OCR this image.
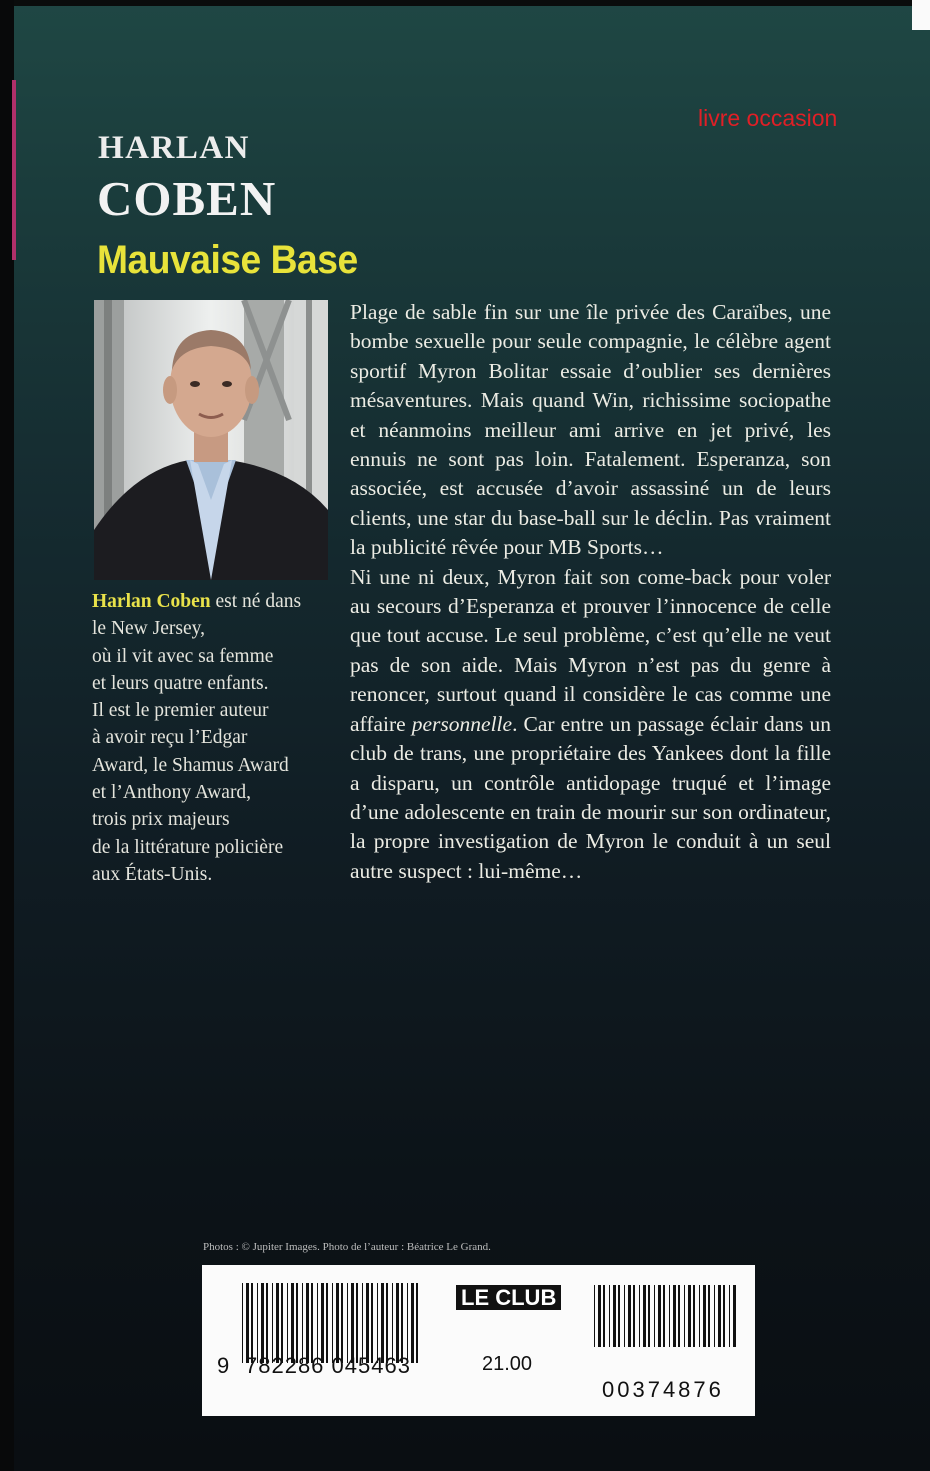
livre occasion
HARLAN
COBEN
Mauvaise Base
Harlan Coben est né dans
le New Jersey,
où il vit avec sa femme
et leurs quatre enfants.
Il est le premier auteur
à avoir reçu l’Edgar
Award, le Shamus Award
et l’Anthony Award,
trois prix majeurs
de la littérature policière
aux États-Unis.

Plage de sable fin sur une île privée des Caraïbes, une bombe sexuelle pour seule compagnie, le célèbre agent sportif Myron Bolitar essaie d’oublier ses dernières mésaventures. Mais quand Win, richissime sociopathe et néanmoins meilleur ami arrive en jet privé, les ennuis ne sont pas loin. Fatalement. Esperanza, son associée, est accusée d’avoir assassiné un de leurs clients, une star du base-ball sur le déclin. Pas vraiment la publicité rêvée pour MB Sports…

Ni une ni deux, Myron fait son come-back pour voler au secours d’Esperanza et prouver l’innocence de celle que tout accuse. Le seul problème, c’est qu’elle ne veut pas de son aide. Mais Myron n’est pas du genre à renoncer, surtout quand il considère le cas comme une affaire personnelle. Car entre un passage éclair dans un club de trans, une propriétaire des Yankees dont la fille a disparu, un contrôle antidopage truqué et l’image d’une adolescente en train de mourir sur son ordinateur, la propre investigation de Myron le conduit à un seul autre suspect : lui-même…

Photos : © Jupiter Images. Photo de l’auteur : Béatrice Le Grand.
9 782286 045463
LE CLUB
21.00
00374876
